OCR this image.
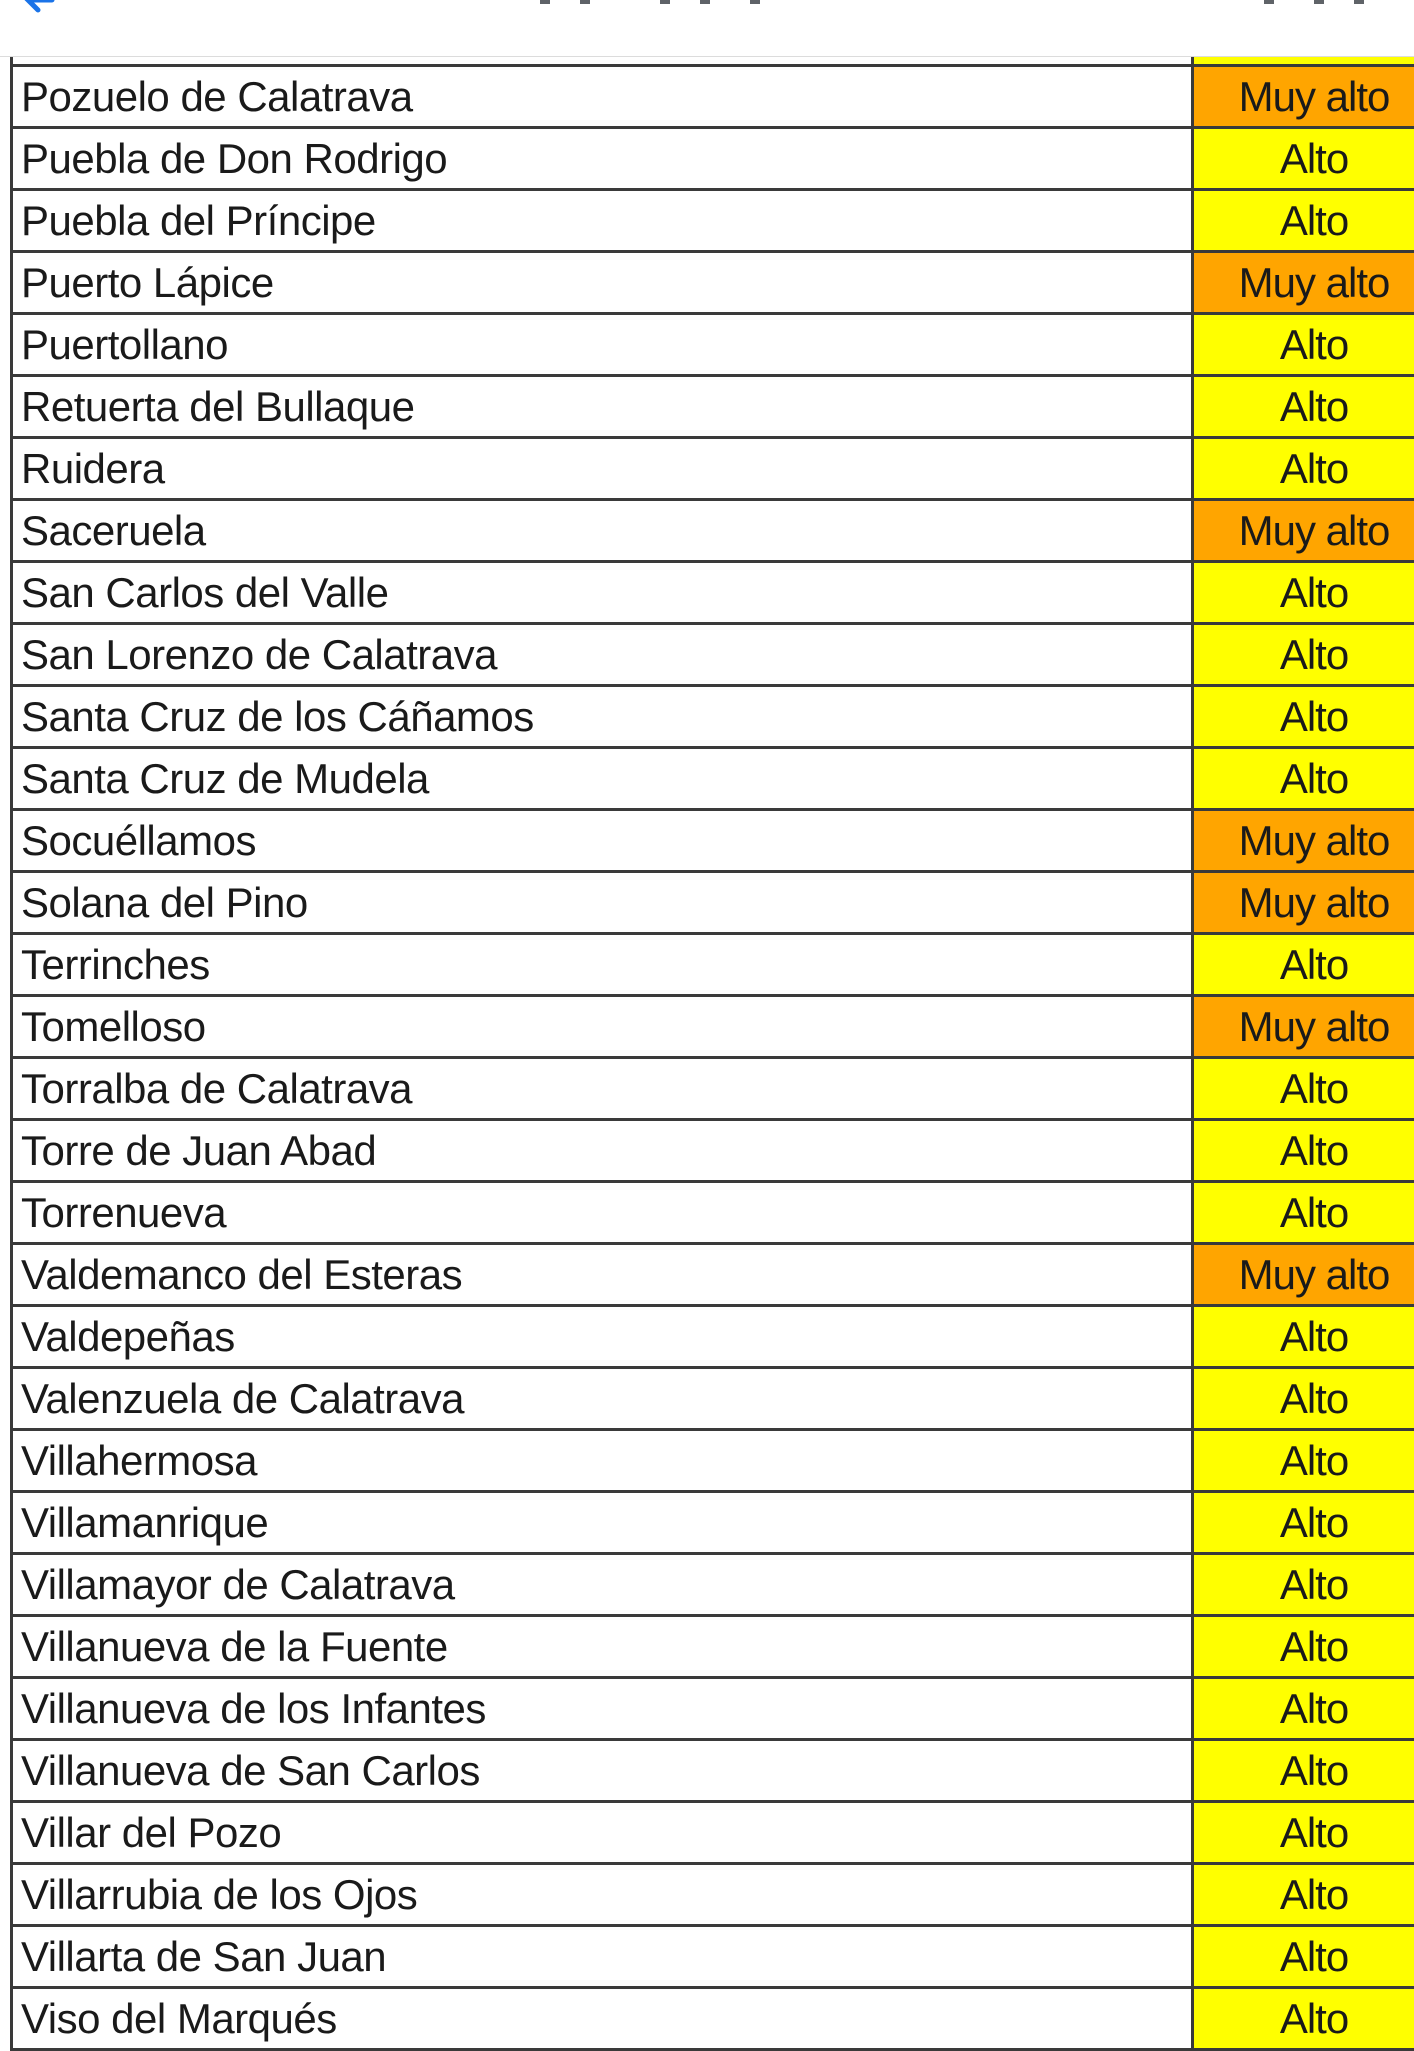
Pozuelo de Calatrava	Muy alto
Puebla de Don Rodrigo	Alto
Puebla del Príncipe	Alto
Puerto Lápice	Muy alto
Puertollano	Alto
Retuerta del Bullaque	Alto
Ruidera	Alto
Saceruela	Muy alto
San Carlos del Valle	Alto
San Lorenzo de Calatrava	Alto
Santa Cruz de los Cáñamos	Alto
Santa Cruz de Mudela	Alto
Socuéllamos	Muy alto
Solana del Pino	Muy alto
Terrinches	Alto
Tomelloso	Muy alto
Torralba de Calatrava	Alto
Torre de Juan Abad	Alto
Torrenueva	Alto
Valdemanco del Esteras	Muy alto
Valdepeñas	Alto
Valenzuela de Calatrava	Alto
Villahermosa	Alto
Villamanrique	Alto
Villamayor de Calatrava	Alto
Villanueva de la Fuente	Alto
Villanueva de los Infantes	Alto
Villanueva de San Carlos	Alto
Villar del Pozo	Alto
Villarrubia de los Ojos	Alto
Villarta de San Juan	Alto
Viso del Marqués	Alto
